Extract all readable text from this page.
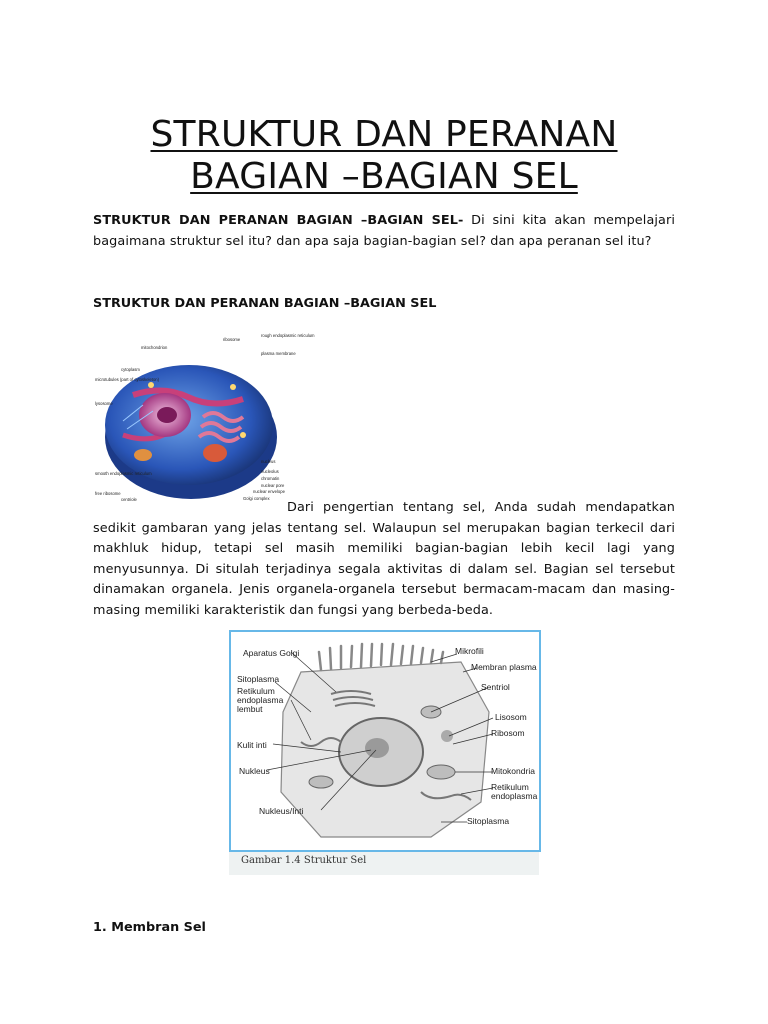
STRUKTUR DAN PERANAN BAGIAN –BAGIAN SEL

STRUKTUR DAN PERANAN BAGIAN –BAGIAN SEL- Di sini kita akan mempelajari bagaimana struktur sel itu? dan apa saja bagian-bagian sel? dan apa peranan sel itu?

STRUKTUR DAN PERANAN BAGIAN –BAGIAN SEL

mitochondrion
ribosome
rough endoplasmic reticulum
plasma membrane
cytoplasm
microtubules (part of cytoskeleton)
lysosome
nucleus
nucleolus
chromatin
nuclear pore
nuclear envelope
Golgi complex
smooth endoplasmic reticulum
free ribosome
centriole

Dari pengertian tentang sel, Anda sudah mendapatkan sedikit gambaran yang jelas tentang sel. Walaupun sel merupakan bagian terkecil dari makhluk hidup, tetapi sel masih memiliki bagian-bagian lebih kecil lagi yang menyusunnya. Di situlah terjadinya segala aktivitas di dalam sel. Bagian sel tersebut dinamakan organela. Jenis organela-organela tersebut bermacam-macam dan masing-masing memiliki karakteristik dan fungsi yang berbeda-beda.

Aparatus Golgi
Sitoplasma
Retikulum
endoplasma
lembut
Kulit inti
Nukleus
Nukleus/Inti
Mikrofili
Membran plasma
Sentriol
Lisosom
Ribosom
Mitokondria
Retikulum
endoplasma
Sitoplasma
Gambar 1.4 Struktur Sel

1. Membran Sel
